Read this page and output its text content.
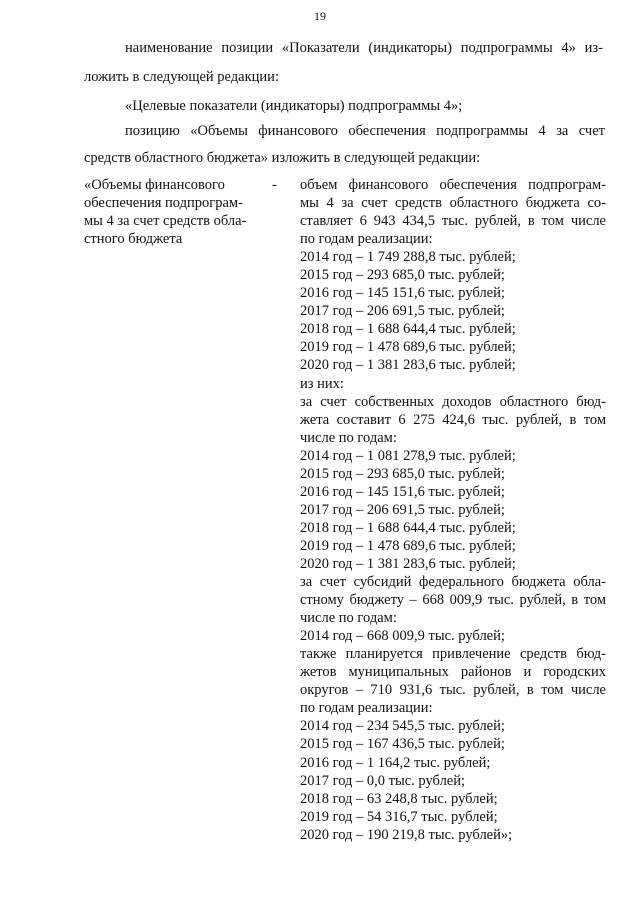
19
наименование позиции «Показатели (индикаторы) подпрограммы 4» из-
ложить в следующей редакции:
«Целевые показатели (индикаторы) подпрограммы 4»;
позицию «Объемы финансового обеспечения подпрограммы 4 за счет
средств областного бюджета» изложить в следующей редакции:
«Объемы финансового
обеспечения подпрограм-
мы 4 за счет средств обла-
стного бюджета
- объем финансового обеспечения подпрограм-
мы 4 за счет средств областного бюджета со-
ставляет 6 943 434,5 тыс. рублей, в том числе
по годам реализации:
2014 год – 1 749 288,8 тыс. рублей;
2015 год – 293 685,0 тыс. рублей;
2016 год – 145 151,6 тыс. рублей;
2017 год – 206 691,5 тыс. рублей;
2018 год – 1 688 644,4 тыс. рублей;
2019 год – 1 478 689,6 тыс. рублей;
2020 год – 1 381 283,6 тыс. рублей;
из них:
за счет собственных доходов областного бюд-
жета составит 6 275 424,6 тыс. рублей, в том
числе по годам:
2014 год – 1 081 278,9 тыс. рублей;
2015 год – 293 685,0 тыс. рублей;
2016 год – 145 151,6 тыс. рублей;
2017 год – 206 691,5 тыс. рублей;
2018 год – 1 688 644,4 тыс. рублей;
2019 год – 1 478 689,6 тыс. рублей;
2020 год – 1 381 283,6 тыс. рублей;
за счет субсидий федерального бюджета обла-
стному бюджету – 668 009,9 тыс. рублей, в том
числе по годам:
2014 год – 668 009,9 тыс. рублей;
также планируется привлечение средств бюд-
жетов муниципальных районов и городских
округов – 710 931,6 тыс. рублей, в том числе
по годам реализации:
2014 год – 234 545,5 тыс. рублей;
2015 год – 167 436,5 тыс. рублей;
2016 год – 1 164,2 тыс. рублей;
2017 год – 0,0 тыс. рублей;
2018 год – 63 248,8 тыс. рублей;
2019 год – 54 316,7 тыс. рублей;
2020 год – 190 219,8 тыс. рублей»;
